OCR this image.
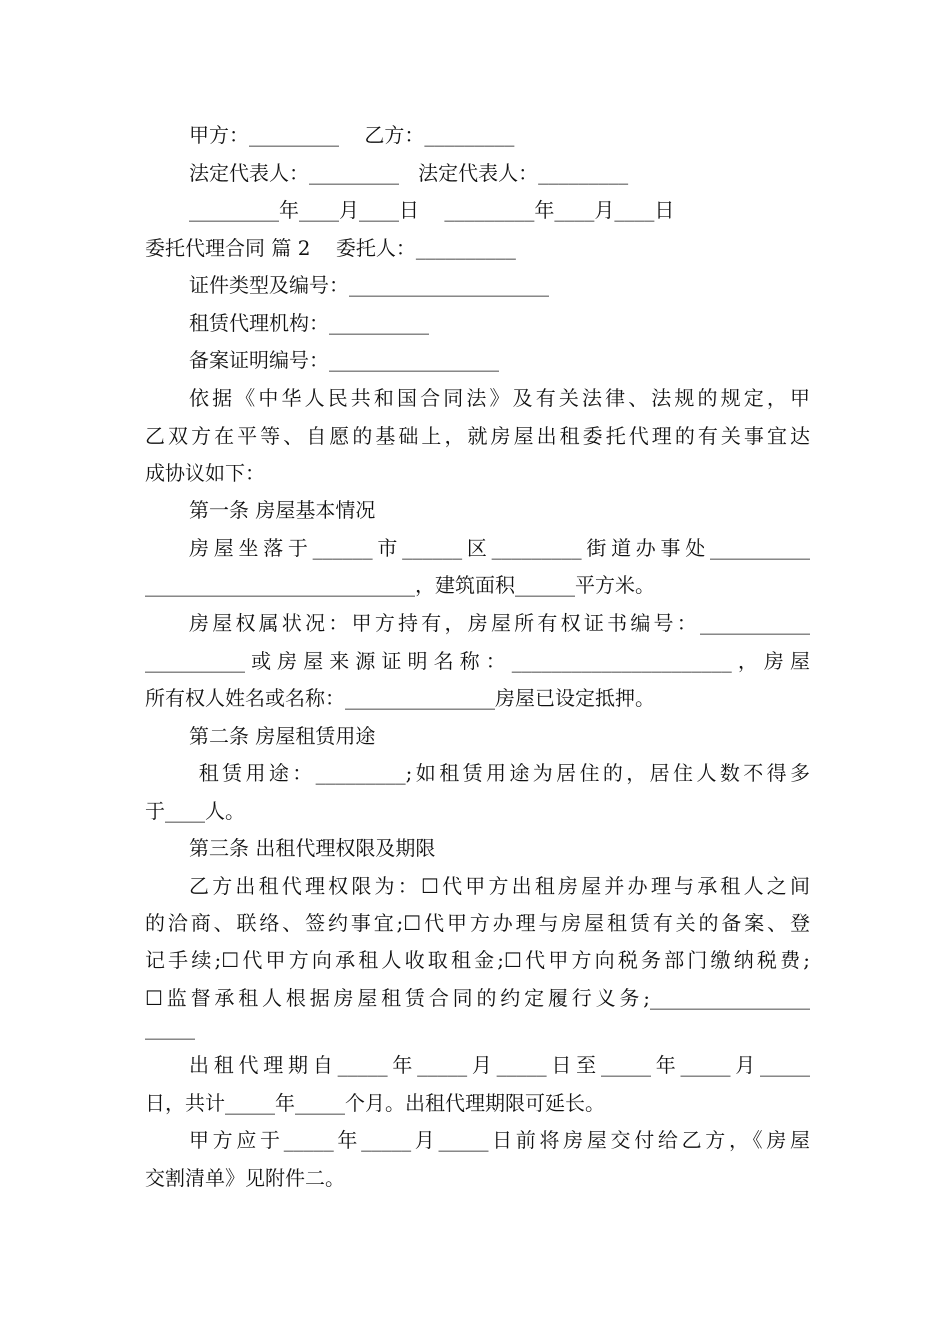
甲方：_________    乙方：_________
法定代表人：_________   法定代表人：_________
_________年____月____日    _________年____月____日
委托代理合同 篇 2    委托人：__________
证件类型及编号：____________________
租赁代理机构：__________
备案证明编号：_________________
依据《中华人民共和国合同法》及有关法律、法规的规定，甲
乙双方在平等、自愿的基础上，就房屋出租委托代理的有关事宜达
成协议如下：
第一条 房屋基本情况
房屋坐落于______市______区_________街道办事处__________
___________________________，建筑面积______平方米。
房屋权属状况：甲方持有，房屋所有权证书编号：___________
__________或房屋来源证明名称：______________________，房屋
所有权人姓名或名称：_______________房屋已设定抵押。
第二条 房屋租赁用途
租赁用途：_________;如租赁用途为居住的，居住人数不得多
于____人。
第三条 出租代理权限及期限
乙方出租代理权限为：☐代甲方出租房屋并办理与承租人之间
的洽商、联络、签约事宜;☐代甲方办理与房屋租赁有关的备案、登
记手续;☐代甲方向承租人收取租金;☐代甲方向税务部门缴纳税费;
☐监督承租人根据房屋租赁合同的约定履行义务;________________
_____
出租代理期自_____年_____月_____日至_____年_____月_____
日，共计_____年_____个月。出租代理期限可延长。
甲方应于_____年_____月_____日前将房屋交付给乙方，《房屋
交割清单》见附件二。
